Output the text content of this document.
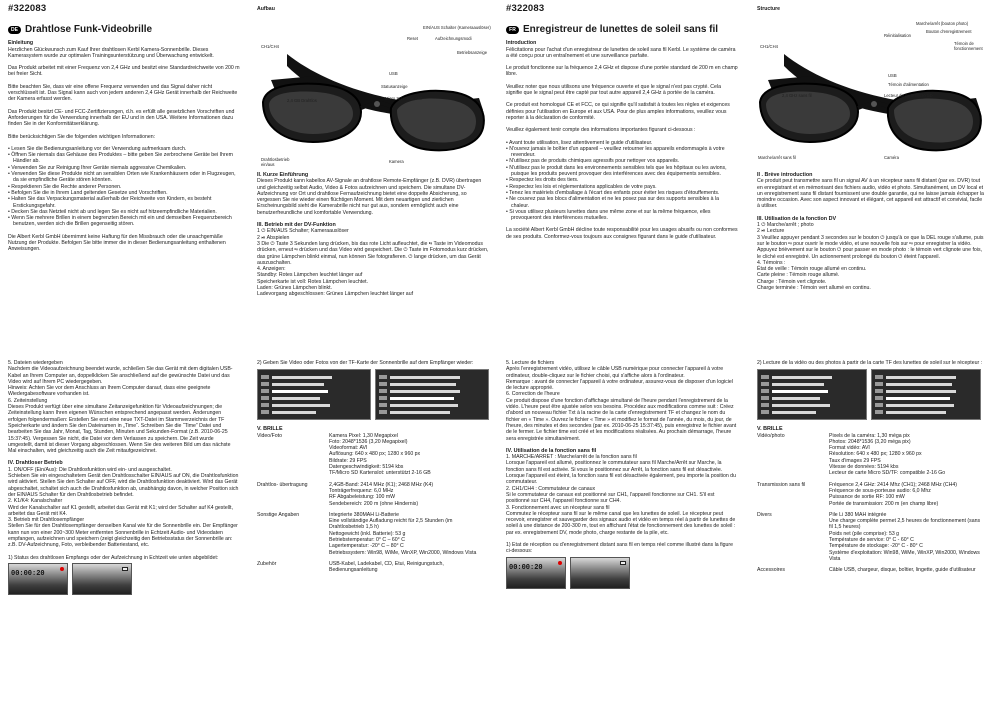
#322083
DE Drahtlose Funk-Videobrille

Einleitung

Herzlichen Glückwunsch zum Kauf Ihrer drahtlosen Kerbl Kamera-Sonnenbrille. Dieses Kamerasystem wurde zur optimalen Trainingsunterstützung und Überwachung entwickelt.

Das Produkt arbeitet mit einer Frequenz von 2,4 GHz und besitzt eine Standardreichweite von 200 m bei freier Sicht.

Bitte beachten Sie, dass wir eine offene Frequenz verwenden und das Signal daher nicht verschlüsselt ist. Das Signal kann auch von jedem anderen 2,4 GHz Gerät innerhalb der Reichweite der Kamera erfasst werden.

Das Produkt besitzt CE- und FCC-Zertifizierungen, d.h. es erfüllt alle gesetzlichen Vorschriften und Anforderungen für die Verwendung innerhalb der EU und in den USA. Weitere Informationen dazu finden Sie in der Konformitätserklärung.

Bitte berücksichtigen Sie die folgenden wichtigen Informationen:

• Lesen Sie die Bedienungsanleitung vor der Verwendung aufmerksam durch.
• Öffnen Sie niemals das Gehäuse des Produktes – bitte geben Sie zerbrochene Geräte bei Ihrem Händler ab.
• Verwenden Sie zur Reinigung Ihrer Geräte niemals aggressive Chemikalien.
• Verwenden Sie diese Produkte nicht an sensiblen Orten wie Krankenhäusern oder in Flugzeugen, da sie empfindliche Geräte stören könnten.
• Respektieren Sie die Rechte anderer Personen.
• Befolgen Sie die in Ihrem Land geltenden Gesetze und Vorschriften.
• Halten Sie das Verpackungsmaterial außerhalb der Reichweite von Kindern, es besteht Erstickungsgefahr.
• Decken Sie das Netzteil nicht ab und legen Sie es nicht auf hitzeempfindliche Materialien.
• Wenn Sie mehrere Brillen in einem begrenzten Bereich mit ein und demselben Frequenzbereich benutzen, werden sich die Brillen gegenseitig stören.

Die Albert Kerbl GmbH übernimmt keine Haftung für den Missbrauch oder die unsachgemäße Nutzung der Produkte. Befolgen Sie bitte immer die in dieser Bedienungsanleitung enthaltenen Anweisungen.

Aufbau

CH1/CH4
Reset
EIN/AUS Schalter (Kameraauslöser)
Aufzeichnungsmodi
Betriebsanzeige
USB
Statusanzeige
Micro SD Kartenslot
2,4 GB Drahtlos
Drahtlosbetrieb ein/aus
Kamera

II. Kurze Einführung

Dieses Produkt kann kabellos AV-Signale an drahtlose Remote-Empfänger (z.B. DVR) übertragen und gleichzeitig selbst Audio, Video & Fotos aufzeichnen und speichern. Die simultane DV-Aufzeichnung vor Ort und drahtlose Fernaufzeichnung bietet eine doppelte Absicherung, so vergessen Sie nie wieder einen flüchtigen Moment. Mit dem neuartigen und zierlichen Erscheinungsbild sieht die Kamerabrille nicht nur gut aus, sondern ermöglicht auch eine benutzerfreundliche und komfortable Verwendung.

III. Betrieb mit der DV-Funktion

1 ⏻ EIN/AUS Schalter; Kameraauslöser

2 ⏯ Abspielen

3 Die ⏻ Taste 3 Sekunden lang drücken, bis das rote Licht aufleuchtet, die ⏯ Taste im Videomodus drücken, erneut ⏯ drücken und das Video wird gespeichert. Die ⏻ Taste im Fotomodus kurz drücken, das grüne Lämpchen blinkt einmal, nun können Sie fotografieren. ⏻ lange drücken, um das Gerät auszuschalten.

4. Anzeigen:

Standby: Rotes Lämpchen leuchtet länger auf

Speicherkarte ist voll: Rotes Lämpchen leuchtet.

Laden: Grünes Lämpchen blinkt.

Ladevorgang abgeschlossen: Grünes Lämpchen leuchtet länger auf

#322083
FR Enregistreur de lunettes de soleil sans fil

Introduction

Félicitations pour l'achat d'un enregistreur de lunettes de soleil sans fil Kerbl. Le système de caméra a été conçu pour un entraînement et une surveillance parfaite.

Le produit fonctionne sur la fréquence 2,4 GHz et dispose d'une portée standard de 200 m en champ libre.

Veuillez noter que nous utilisons une fréquence ouverte et que le signal n'est pas crypté. Cela signifie que le signal peut être capté par tout autre appareil 2,4 GHz à portée de la caméra.

Ce produit est homologué CE et FCC, ce qui signifie qu'il satisfait à toutes les règles et exigences définies pour l'utilisation en Europe et aux USA. Pour de plus amples informations, veuillez vous reporter à la déclaration de conformité.

Veuillez également tenir compte des informations importantes figurant ci-dessous :

• Avant toute utilisation, lisez attentivement le guide d'utilisateur.
• N'ouvrez jamais le boîtier d'un appareil – veuillez retourner les appareils endommagés à votre revendeur.
• N'utilisez pas de produits chimiques agressifs pour nettoyer vos appareils.
• N'utilisez pas le produit dans les environnements sensibles tels que les hôpitaux ou les avions, puisque les produits peuvent provoquer des interférences avec des équipements sensibles.
• Respectez les droits des tiers.
• Respectez les lois et réglementations applicables de votre pays.
• Tenez les matériels d'emballage à l'écart des enfants pour éviter les risques d'étouffements.
• Ne couvrez pas les blocs d'alimentation et ne les posez pas sur des supports sensibles à la chaleur.
• Si vous utilisez plusieurs lunettes dans une même zone et sur la même fréquence, elles provoqueront des interférences mutuelles.

La société Albert Kerbl GmbH décline toute responsabilité pour les usages abusifs ou non conformes de ses produits. Conformez-vous toujours aux consignes figurant dans le guide d'utilisateur.

Structure

CH1/CH4
Réinitialisation
Marche/arrêt (bouton photo)
Bouton d'enregistrement
Témoin de fonctionnement
USB
Témoin d'alimentation
Lecteur de carte Micro SD
2,4 GHz sans fil
Marche/arrêt sans fil	Caméra

II . Brève introduction

Ce produit peut transmettre sans fil un signal AV à un récepteur sans fil distant (par ex. DVR) tout en enregistrant et en mémorisant des fichiers audio, vidéo et photo. Simultanément, un DV local et un enregistrement sans fil distant fournissent une double garantie, qui ne laisse jamais échapper la moindre occasion. Avec son aspect innovant et élégant, cet appareil est attractif et convivial, facile à utiliser.

III. Utilisation de la fonction DV

1 ⏻ Marche/arrêt ; photo

2 ⏯ Lecture

3 Veuillez appuyer pendant 3 secondes sur le bouton ⏻ jusqu'à ce que la DEL rouge s'allume, puis sur le bouton ⏯ pour ouvrir le mode vidéo, et une nouvelle fois sur ⏯ pour enregistrer la vidéo. Appuyez brièvement sur le bouton ⏻ pour passer en mode photo : le témoin vert clignote une fois, le cliché est enregistré. Un actionnement prolongé du bouton ⏻ éteint l'appareil.

4. Témoins :

État de veille : Témoin rouge allumé en continu.

Carte pleine : Témoin rouge allumé.

Charge : Témoin vert clignote.

Charge terminée : Témoin vert allumé en continu.

5. Dateien wiedergeben

Nachdem die Videoaufzeichnung beendet wurde, schließen Sie das Gerät mit dem digitalen USB-Kabel an Ihrem Computer an, doppelklicken Sie anschließend auf die gewünschte Datei und das Video wird auf Ihrem PC wiedergegeben.

Hinweis: Achten Sie vor dem Anschluss an Ihrem Computer darauf, dass eine geeignete Wiedergabesoftware vorhanden ist.

6. Zeiteinstellung

Dieses Produkt verfügt über eine simultane Zeitanzeigefunktion für Videoaufzeichnungen; die Zeiteinstellung kann Ihren eigenen Wünschen entsprechend angepasst werden. Änderungen erfolgen folgendermaßen: Erstellen Sie erst eine neue TXT-Datei im Stammverzeichnis der TF Speicherkarte und ändern Sie den Dateinamen in „Time“. Schreiben Sie die “Time” Datei und bearbeiten Sie das Jahr, Monat, Tag, Stunden, Minuten und Sekunden-Format (z.B. 2010-06-25 15:37:45). Vergessen Sie nicht, die Datei vor dem Verlassen zu speichern. Die Zeit wurde umgestellt, damit ist dieser Vorgang abgeschlossen. Wenn Sie des weiteren Bild um das nächste Mal einschalten, wird gleichzeitig auch die Zeit mitaufgezeichnet.

IV. Drahtloser Betrieb

1. ON/OFF (Ein/Aus): Die Drahtlosfunktion wird ein- und ausgeschaltet.

Schieben Sie ein eingeschaltetem Gerät den Drahtlosschalter EIN/AUS auf ON, die Drahtlosfunktion wird aktiviert. Stellen Sie den Schalter auf OFF, wird die Drahtlosfunktion deaktiviert. Wird das Gerät abgeschaltet, schaltet sich auch die Drahtlosfunktion ab, unabhängig davon, in welcher Position sich der EIN/AUS Schalter für den Drahtlosbetrieb befindet.

2. K1/K4: Kanalschalter

Wird der Kanalschalter auf K1 gestellt, arbeitet das Gerät mit K1; wird der Schalter auf K4 gestellt, arbeitet das Gerät mit K4.

3. Betrieb mit Drahtlosempfänger

Stellen Sie für den Drahtlosempfänger denselben Kanal wie für die Sonnenbrille ein. Der Empfänger kann nun von einer 200~300 Meter entfernten Sonnenbrille in Echtzeit Audio- und Videodaten empfangen, aufzeichnen und speichern (zeigt gleichzeitig den Betriebsstatus der Sonnenbrille an: z.B. DV-Aufzeichnung, Foto, verbleibender Batteriestand, etc.

1) Status des drahtlosen Empfangs oder der Aufzeichnung in Echtzeit wie unten abgebildet:

00:00:20

2) Geben Sie Video oder Fotos von der TF-Karte der Sonnenbrille auf dem Empfänger wieder:

V. BRILLE

Video/Foto	Kamera Pixel: 1,30 Megapixel
Foto: 2048*1536 (3,20 Megapixel)
Videoformat: AVI
Auflösung: 640 x 480 px; 1280 x 960 px
Bildrate: 29 FPS
Datengeschwindigkeit: 5194 kbs
TF/Micro SD Kartenslot: unterstützt 2-16 GB
Drahtlos- übertragung	2,4GB-Band: 2414 MHz (K1); 2468 MHz (K4)
Tonträgerfrequenz: 6,0 MHz
RF Abgabeleistung: 100 mW
Sendebereich: 200 m (ohne Hindernis)
Sonstige Angaben	Integrierte 380MAH Li-Batterie
Eine vollständige Aufladung reicht für 2,5 Stunden (im Drahtlosbetrieb 1,5 h)
Nettogewicht (inkl. Batterie): 53 g
Betriebstemperatur: 0° C – 60° C
Lagertemperatur: -20° C – 80° C
Betriebssystem: Win98, WiMe, WinXP, Win2000, Windows Vista
Zubehör	USB-Kabel, Ladekabel, CD, Etui, Reinigungstuch, Bedienungsanleitung

5. Lecture de fichiers

Après l'enregistrement vidéo, utilisez le câble USB numérique pour connecter l'appareil à votre ordinateur, double-cliquez sur le fichier choisi, qui s'affiche alors à l'ordinateur.

Remarque : avant de connecter l'appareil à votre ordinateur, assurez-vous de disposer d'un logiciel de lecture approprié.

6. Correction de l'heure

Ce produit dispose d'une fonction d'affichage simultané de l'heure pendant l'enregistrement de la vidéo. L'heure peut être ajustée selon vos besoins. Procédez aux modifications comme suit : Créez d'abord un nouveau fichier Txt à la racine de la carte d'enregistrement TF et changez le nom du fichier en « Time ». Ouvrez le fichier « Time » et modifiez le format de l'année, du mois, du jour, de l'heure, des minutes et des secondes (par ex. 2010-06-25 15:37:45), puis enregistrez le fichier avant de le fermer. Le fichier time est créé et les modifications réalisées. Au prochain démarrage, l'heure sera enregistrée simultanément.

IV. Utilisation de la fonction sans fil

1. MARCHE/ARRET : Marche/arrêt de la fonction sans fil

Lorsque l'appareil est allumé, positionnez le commutateur sans fil Marche/Arrêt sur Marche, la fonction sans fil est activée. Si vous le positionnez sur Arrêt, la fonction sans fil est désactivée. Lorsque l'appareil est éteint, la fonction sans fil est désactivée également, peu importe la position du commutateur.

2. CH1/CH4 : Commutateur de canaux

Si le commutateur de canaux est positionné sur CH1, l'appareil fonctionne sur CH1. S'il est positionné sur CH4, l'appareil fonctionne sur CH4.

3. Fonctionnement avec un récepteur sans fil

Commutez le récepteur sans fil sur le même canal que les lunettes de soleil. Le récepteur peut recevoir, enregistrer et sauvegarder des signaux audio et vidéo en temps réel à partir de lunettes de soleil à une distance de 200-300 m, tout en affichant l'état de fonctionnement des lunettes de soleil : par ex. enregistrement DV, mode photo, charge restante de la pile, etc.

1) Etat de réception ou d'enregistrement distant sans fil en temps réel comme illustré dans la figure ci-dessous:

00:00:20

2) Lecture de la vidéo ou des photos à partir de la carte TF des lunettes de soleil sur le récepteur :

V. BRILLE

Vidéo/photo	Pixels de la caméra: 1,30 méga pix
Photos: 2048*1536 (3,20 méga pix)
Format vidéo: AVI
Résolution: 640 x 480 px; 1280 x 960 px
Taux d'images 29 FPS
Vitesse de données: 5194 kbs
Lecteur de carte Micro SD/TF: compatible 2-16 Go
Transmission sans fil	Fréquence 2,4 GHz: 2414 Mhz (CH1); 2468 MHz (CH4)
Fréquence de sous-porteuse audio: 6,0 Mhz
Puissance de sortie RF: 100 mW
Portée de transmission: 200 m (en champ libre)
Divers	Pile Li 380 MAH intégrée
Une charge complète permet 2,5 heures de fonctionnement (sans fil 1,5 heures)
Poids net (pile comprise): 53 g
Température de service: 0° C - 60° C
Température de stockage: -20° C - 80° C
Système d'exploitation: Win98, WiMe, WinXP, Win2000, Windows Vista
Accessoires	Câble USB, chargeur, disque, boîtier, lingette, guide d'utilisateur
